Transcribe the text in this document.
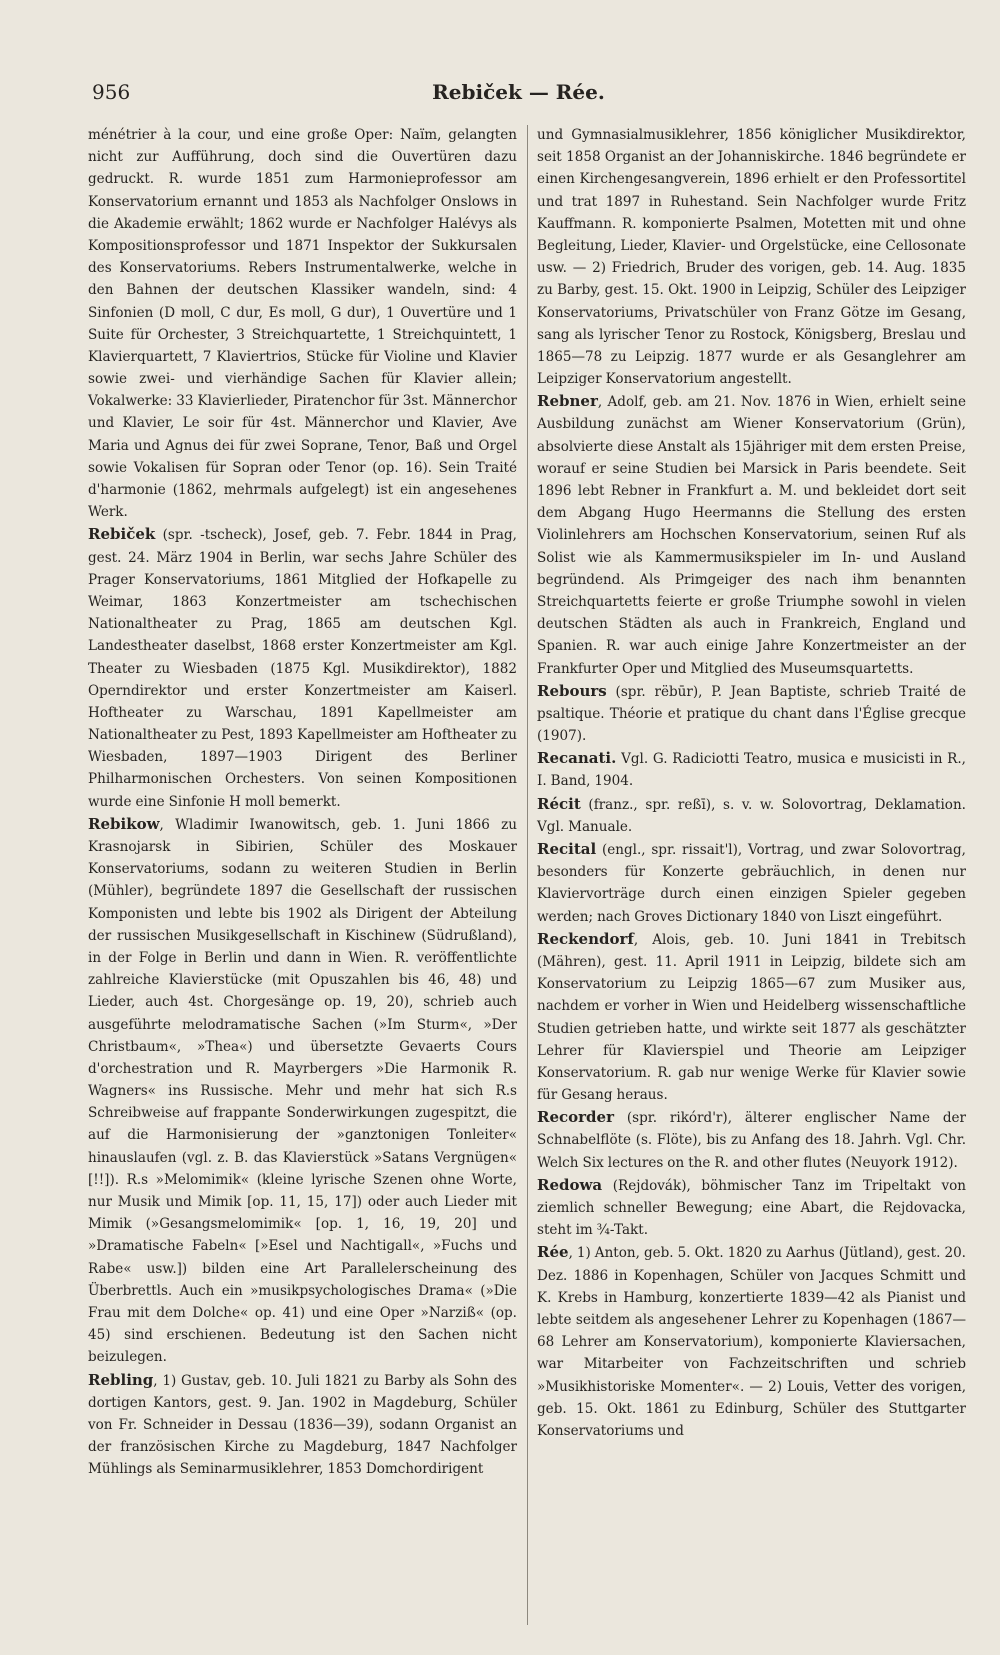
956	Rebiček — Rée.

ménétrier à la cour, und eine große Oper: Naïm, gelangten nicht zur Aufführung, doch sind die Ouvertüren dazu gedruckt. R. wurde 1851 zum Harmonieprofessor am Konservatorium ernannt und 1853 als Nachfolger Onslows in die Akademie erwählt; 1862 wurde er Nachfolger Halévys als Kompositionsprofessor und 1871 Inspektor der Sukkursalen des Konservatoriums. Rebers Instrumentalwerke, welche in den Bahnen der deutschen Klassiker wandeln, sind: 4 Sinfonien (D moll, C dur, Es moll, G dur), 1 Ouvertüre und 1 Suite für Orchester, 3 Streichquartette, 1 Streichquintett, 1 Klavierquartett, 7 Klaviertrios, Stücke für Violine und Klavier sowie zwei- und vierhändige Sachen für Klavier allein; Vokalwerke: 33 Klavierlieder, Piratenchor für 3st. Männerchor und Klavier, Le soir für 4st. Männerchor und Klavier, Ave Maria und Agnus dei für zwei Soprane, Tenor, Baß und Orgel sowie Vokalisen für Sopran oder Tenor (op. 16). Sein Traité d'harmonie (1862, mehrmals aufgelegt) ist ein angesehenes Werk.

Rebiček (spr. -tscheck), Josef, geb. 7. Febr. 1844 in Prag, gest. 24. März 1904 in Berlin, war sechs Jahre Schüler des Prager Konservatoriums, 1861 Mitglied der Hofkapelle zu Weimar, 1863 Konzertmeister am tschechischen Nationaltheater zu Prag, 1865 am deutschen Kgl. Landestheater daselbst, 1868 erster Konzertmeister am Kgl. Theater zu Wiesbaden (1875 Kgl. Musikdirektor), 1882 Operndirektor und erster Konzertmeister am Kaiserl. Hoftheater zu Warschau, 1891 Kapellmeister am Nationaltheater zu Pest, 1893 Kapellmeister am Hoftheater zu Wiesbaden, 1897—1903 Dirigent des Berliner Philharmonischen Orchesters. Von seinen Kompositionen wurde eine Sinfonie H moll bemerkt.

Rebikow, Wladimir Iwanowitsch, geb. 1. Juni 1866 zu Krasnojarsk in Sibirien, Schüler des Moskauer Konservatoriums, sodann zu weiteren Studien in Berlin (Mühler), begründete 1897 die Gesellschaft der russischen Komponisten und lebte bis 1902 als Dirigent der Abteilung der russischen Musikgesellschaft in Kischinew (Südrußland), in der Folge in Berlin und dann in Wien. R. veröffentlichte zahlreiche Klavierstücke (mit Opuszahlen bis 46, 48) und Lieder, auch 4st. Chorgesänge op. 19, 20), schrieb auch ausgeführte melodramatische Sachen (»Im Sturm«, »Der Christbaum«, »Thea«) und übersetzte Gevaerts Cours d'orchestration und R. Mayrbergers »Die Harmonik R. Wagners« ins Russische. Mehr und mehr hat sich R.s Schreibweise auf frappante Sonderwirkungen zugespitzt, die auf die Harmonisierung der »ganztonigen Tonleiter« hinauslaufen (vgl. z. B. das Klavierstück »Satans Vergnügen« [!!]). R.s »Melomimik« (kleine lyrische Szenen ohne Worte, nur Musik und Mimik [op. 11, 15, 17]) oder auch Lieder mit Mimik (»Gesangsmelomimik« [op. 1, 16, 19, 20] und »Dramatische Fabeln« [»Esel und Nachtigall«, »Fuchs und Rabe« usw.]) bilden eine Art Parallelerscheinung des Überbrettls. Auch ein »musikpsychologisches Drama« (»Die Frau mit dem Dolche« op. 41) und eine Oper »Narziß« (op. 45) sind erschienen. Bedeutung ist den Sachen nicht beizulegen.

Rebling, 1) Gustav, geb. 10. Juli 1821 zu Barby als Sohn des dortigen Kantors, gest. 9. Jan. 1902 in Magdeburg, Schüler von Fr. Schneider in Dessau (1836—39), sodann Organist an der französischen Kirche zu Magdeburg, 1847 Nachfolger Mühlings als Seminarmusiklehrer, 1853 Domchordirigent

und Gymnasialmusiklehrer, 1856 königlicher Musikdirektor, seit 1858 Organist an der Johanniskirche. 1846 begründete er einen Kirchengesangverein, 1896 erhielt er den Professortitel und trat 1897 in Ruhestand. Sein Nachfolger wurde Fritz Kauffmann. R. komponierte Psalmen, Motetten mit und ohne Begleitung, Lieder, Klavier- und Orgelstücke, eine Cellosonate usw. — 2) Friedrich, Bruder des vorigen, geb. 14. Aug. 1835 zu Barby, gest. 15. Okt. 1900 in Leipzig, Schüler des Leipziger Konservatoriums, Privatschüler von Franz Götze im Gesang, sang als lyrischer Tenor zu Rostock, Königsberg, Breslau und 1865—78 zu Leipzig. 1877 wurde er als Gesanglehrer am Leipziger Konservatorium angestellt.

Rebner, Adolf, geb. am 21. Nov. 1876 in Wien, erhielt seine Ausbildung zunächst am Wiener Konservatorium (Grün), absolvierte diese Anstalt als 15jähriger mit dem ersten Preise, worauf er seine Studien bei Marsick in Paris beendete. Seit 1896 lebt Rebner in Frankfurt a. M. und bekleidet dort seit dem Abgang Hugo Heermanns die Stellung des ersten Violinlehrers am Hochschen Konservatorium, seinen Ruf als Solist wie als Kammermusikspieler im In- und Ausland begründend. Als Primgeiger des nach ihm benannten Streichquartetts feierte er große Triumphe sowohl in vielen deutschen Städten als auch in Frankreich, England und Spanien. R. war auch einige Jahre Konzertmeister an der Frankfurter Oper und Mitglied des Museumsquartetts.

Rebours (spr. rëbūr), P. Jean Baptiste, schrieb Traité de psaltique. Théorie et pratique du chant dans l'Église grecque (1907).

Recanati. Vgl. G. Radiciotti Teatro, musica e musicisti in R., I. Band, 1904.

Récit (franz., spr. reßī), s. v. w. Solovortrag, Deklamation. Vgl. Manuale.

Recital (engl., spr. rissait'l), Vortrag, und zwar Solovortrag, besonders für Konzerte gebräuchlich, in denen nur Klaviervorträge durch einen einzigen Spieler gegeben werden; nach Groves Dictionary 1840 von Liszt eingeführt.

Reckendorf, Alois, geb. 10. Juni 1841 in Trebitsch (Mähren), gest. 11. April 1911 in Leipzig, bildete sich am Konservatorium zu Leipzig 1865—67 zum Musiker aus, nachdem er vorher in Wien und Heidelberg wissenschaftliche Studien getrieben hatte, und wirkte seit 1877 als geschätzter Lehrer für Klavierspiel und Theorie am Leipziger Konservatorium. R. gab nur wenige Werke für Klavier sowie für Gesang heraus.

Recorder (spr. rikórd'r), älterer englischer Name der Schnabelflöte (s. Flöte), bis zu Anfang des 18. Jahrh. Vgl. Chr. Welch Six lectures on the R. and other flutes (Neuyork 1912).

Redowa (Rejdovák), böhmischer Tanz im Tripeltakt von ziemlich schneller Bewegung; eine Abart, die Rejdovacka, steht im ¾-Takt.

Rée, 1) Anton, geb. 5. Okt. 1820 zu Aarhus (Jütland), gest. 20. Dez. 1886 in Kopenhagen, Schüler von Jacques Schmitt und K. Krebs in Hamburg, konzertierte 1839—42 als Pianist und lebte seitdem als angesehener Lehrer zu Kopenhagen (1867—68 Lehrer am Konservatorium), komponierte Klaviersachen, war Mitarbeiter von Fachzeitschriften und schrieb »Musikhistoriske Momenter«. — 2) Louis, Vetter des vorigen, geb. 15. Okt. 1861 zu Edinburg, Schüler des Stuttgarter Konservatoriums und
